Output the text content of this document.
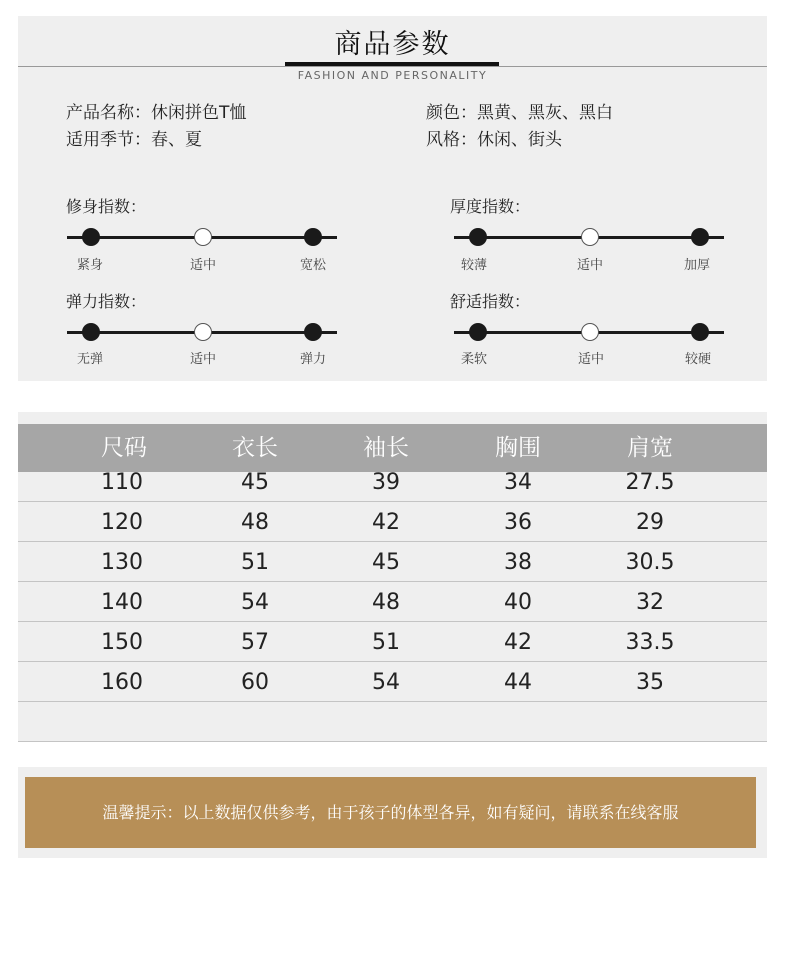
商品参数
FASHION AND PERSONALITY
产品名称：休闲拼色T恤
适用季节：春、夏
颜色：黑黄、黑灰、黑白
风格：休闲、街头
修身指数：
紧身	适中	宽松
厚度指数：
较薄	适中	加厚
弹力指数：
无弹	适中	弹力
舒适指数：
柔软	适中	较硬
尺码	衣长	袖长	胸围	肩宽
110	45	39	34	27.5
120	48	42	36	29
130	51	45	38	30.5
140	54	48	40	32
150	57	51	42	33.5
160	60	54	44	35
温馨提示：以上数据仅供参考，由于孩子的体型各异，如有疑问，请联系在线客服
